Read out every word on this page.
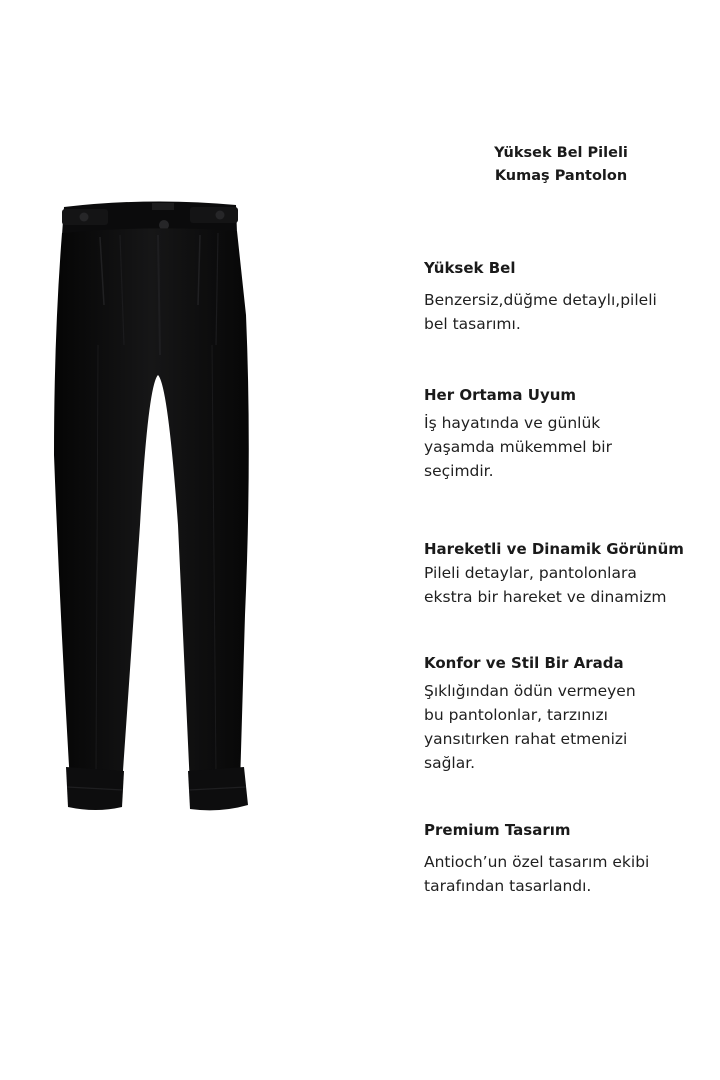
Yüksek Bel Pileli
Kumaş Pantolon
Yüksek Bel

Benzersiz,düğme detaylı,pileli
bel tasarımı.

Her Ortama Uyum

İş hayatında ve günlük
yaşamda mükemmel bir
seçimdir.

Hareketli ve Dinamik Görünüm

Pileli detaylar, pantolonlara
ekstra bir hareket ve dinamizm

Konfor ve Stil Bir Arada

Şıklığından ödün vermeyen
bu pantolonlar, tarzınızı
yansıtırken rahat etmenizi
sağlar.

Premium Tasarım

Antioch’un özel tasarım ekibi
tarafından tasarlandı.
